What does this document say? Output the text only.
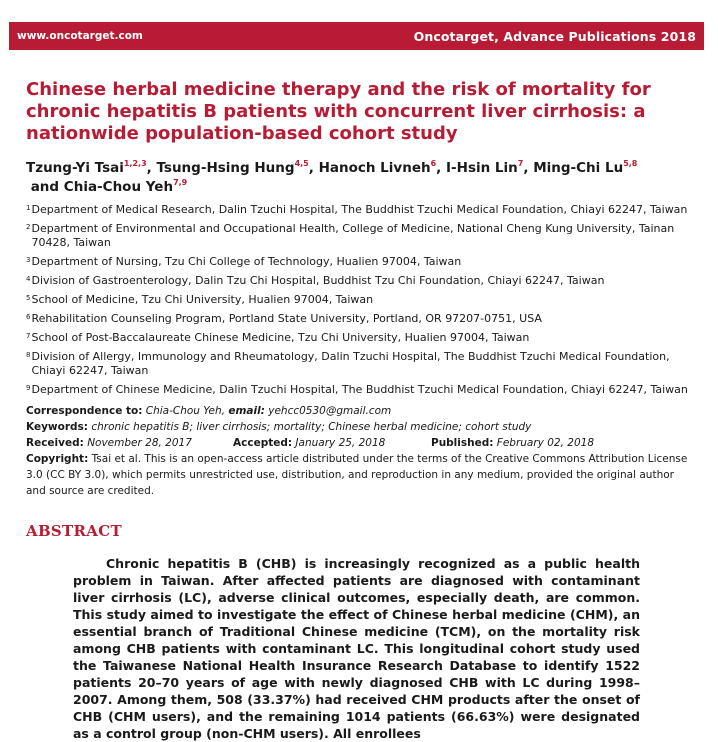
www.oncotarget.com	Oncotarget, Advance Publications 2018
Chinese herbal medicine therapy and the risk of mortality for chronic hepatitis B patients with concurrent liver cirrhosis: a nationwide population-based cohort study
Tzung-Yi Tsai$^{1,2,3}$, Tsung-Hsing Hung$^{4,5}$, Hanoch Livneh$^6$, I-Hsin Lin$^7$, Ming-Chi Lu$^{5,8}$ and Chia-Chou Yeh$^{7,9}$

1 Department of Medical Research, Dalin Tzuchi Hospital, The Buddhist Tzuchi Medical Foundation, Chiayi 62247, Taiwan

2 Department of Environmental and Occupational Health, College of Medicine, National Cheng Kung University, Tainan 70428, Taiwan

3 Department of Nursing, Tzu Chi College of Technology, Hualien 97004, Taiwan

4 Division of Gastroenterology, Dalin Tzu Chi Hospital, Buddhist Tzu Chi Foundation, Chiayi 62247, Taiwan

5 School of Medicine, Tzu Chi University, Hualien 97004, Taiwan

6 Rehabilitation Counseling Program, Portland State University, Portland, OR 97207-0751, USA

7 School of Post-Baccalaureate Chinese Medicine, Tzu Chi University, Hualien 97004, Taiwan

8 Division of Allergy, Immunology and Rheumatology, Dalin Tzuchi Hospital, The Buddhist Tzuchi Medical Foundation, Chiayi 62247, Taiwan

9 Department of Chinese Medicine, Dalin Tzuchi Hospital, The Buddhist Tzuchi Medical Foundation, Chiayi 62247, Taiwan

Correspondence to: Chia-Chou Yeh, email: yehcc0530@gmail.com
Keywords: chronic hepatitis B; liver cirrhosis; mortality; Chinese herbal medicine; cohort study
Received: November 28, 2017	Accepted: January 25, 2018	Published: February 02, 2018
Copyright: Tsai et al. This is an open-access article distributed under the terms of the Creative Commons Attribution License 3.0 (CC BY 3.0), which permits unrestricted use, distribution, and reproduction in any medium, provided the original author and source are credited.
ABSTRACT

Chronic hepatitis B (CHB) is increasingly recognized as a public health problem in Taiwan. After affected patients are diagnosed with contaminant liver cirrhosis (LC), adverse clinical outcomes, especially death, are common. This study aimed to investigate the effect of Chinese herbal medicine (CHM), an essential branch of Traditional Chinese medicine (TCM), on the mortality risk among CHB patients with contaminant LC. This longitudinal cohort study used the Taiwanese National Health Insurance Research Database to identify 1522 patients 20–70 years of age with newly diagnosed CHB with LC during 1998–2007. Among them, 508 (33.37%) had received CHM products after the onset of CHB (CHM users), and the remaining 1014 patients (66.63%) were designated as a control group (non-CHM users). All enrollees
